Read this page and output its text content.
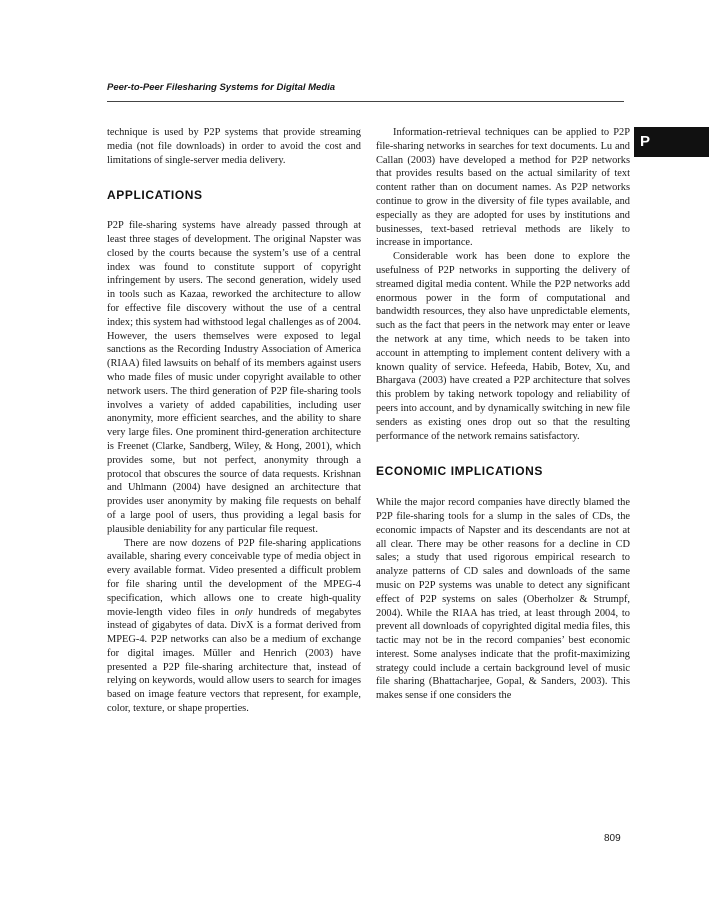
Peer-to-Peer Filesharing Systems for Digital Media
P

technique is used by P2P systems that provide streaming media (not file downloads) in order to avoid the cost and limitations of single-server media delivery.

APPLICATIONS

P2P file-sharing systems have already passed through at least three stages of development. The original Napster was closed by the courts because the system’s use of a central index was found to constitute support of copyright infringement by users. The second generation, widely used in tools such as Kazaa, reworked the architecture to allow for effective file discovery without the use of a central index; this system had withstood legal challenges as of 2004. However, the users themselves were exposed to legal sanctions as the Recording Industry Association of America (RIAA) filed lawsuits on behalf of its members against users who made files of music under copyright available to other network users. The third generation of P2P file-sharing tools involves a variety of added capabilities, including user anonymity, more efficient searches, and the ability to share very large files. One prominent third-generation architecture is Freenet (Clarke, Sandberg, Wiley, & Hong, 2001), which provides some, but not perfect, anonymity through a protocol that obscures the source of data requests. Krishnan and Uhlmann (2004) have designed an architecture that provides user anonymity by making file requests on behalf of a large pool of users, thus providing a legal basis for plausible deniability for any particular file request.

There are now dozens of P2P file-sharing applications available, sharing every conceivable type of media object in every available format. Video presented a difficult problem for file sharing until the development of the MPEG-4 specification, which allows one to create high-quality movie-length video files in only hundreds of megabytes instead of gigabytes of data. DivX is a format derived from MPEG-4. P2P networks can also be a medium of exchange for digital images. Müller and Henrich (2003) have presented a P2P file-sharing architecture that, instead of relying on keywords, would allow users to search for images based on image feature vectors that represent, for example, color, texture, or shape properties.

Information-retrieval techniques can be applied to P2P file-sharing networks in searches for text documents. Lu and Callan (2003) have developed a method for P2P networks that provides results based on the actual similarity of text content rather than on document names. As P2P networks continue to grow in the diversity of file types available, and especially as they are adopted for uses by institutions and businesses, text-based retrieval methods are likely to increase in importance.

Considerable work has been done to explore the usefulness of P2P networks in supporting the delivery of streamed digital media content. While the P2P networks add enormous power in the form of computational and bandwidth resources, they also have unpredictable elements, such as the fact that peers in the network may enter or leave the network at any time, which needs to be taken into account in attempting to implement content delivery with a known quality of service. Hefeeda, Habib, Botev, Xu, and Bhargava (2003) have created a P2P architecture that solves this problem by taking network topology and reliability of peers into account, and by dynamically switching in new file senders as existing ones drop out so that the resulting performance of the network remains satisfactory.

ECONOMIC IMPLICATIONS

While the major record companies have directly blamed the P2P file-sharing tools for a slump in the sales of CDs, the economic impacts of Napster and its descendants are not at all clear. There may be other reasons for a decline in CD sales; a study that used rigorous empirical research to analyze patterns of CD sales and downloads of the same music on P2P systems was unable to detect any significant effect of P2P systems on sales (Oberholzer & Strumpf, 2004). While the RIAA has tried, at least through 2004, to prevent all downloads of copyrighted digital media files, this tactic may not be in the record companies’ best economic interest. Some analyses indicate that the profit-maximizing strategy could include a certain background level of music file sharing (Bhattacharjee, Gopal, & Sanders, 2003). This makes sense if one considers the

809
